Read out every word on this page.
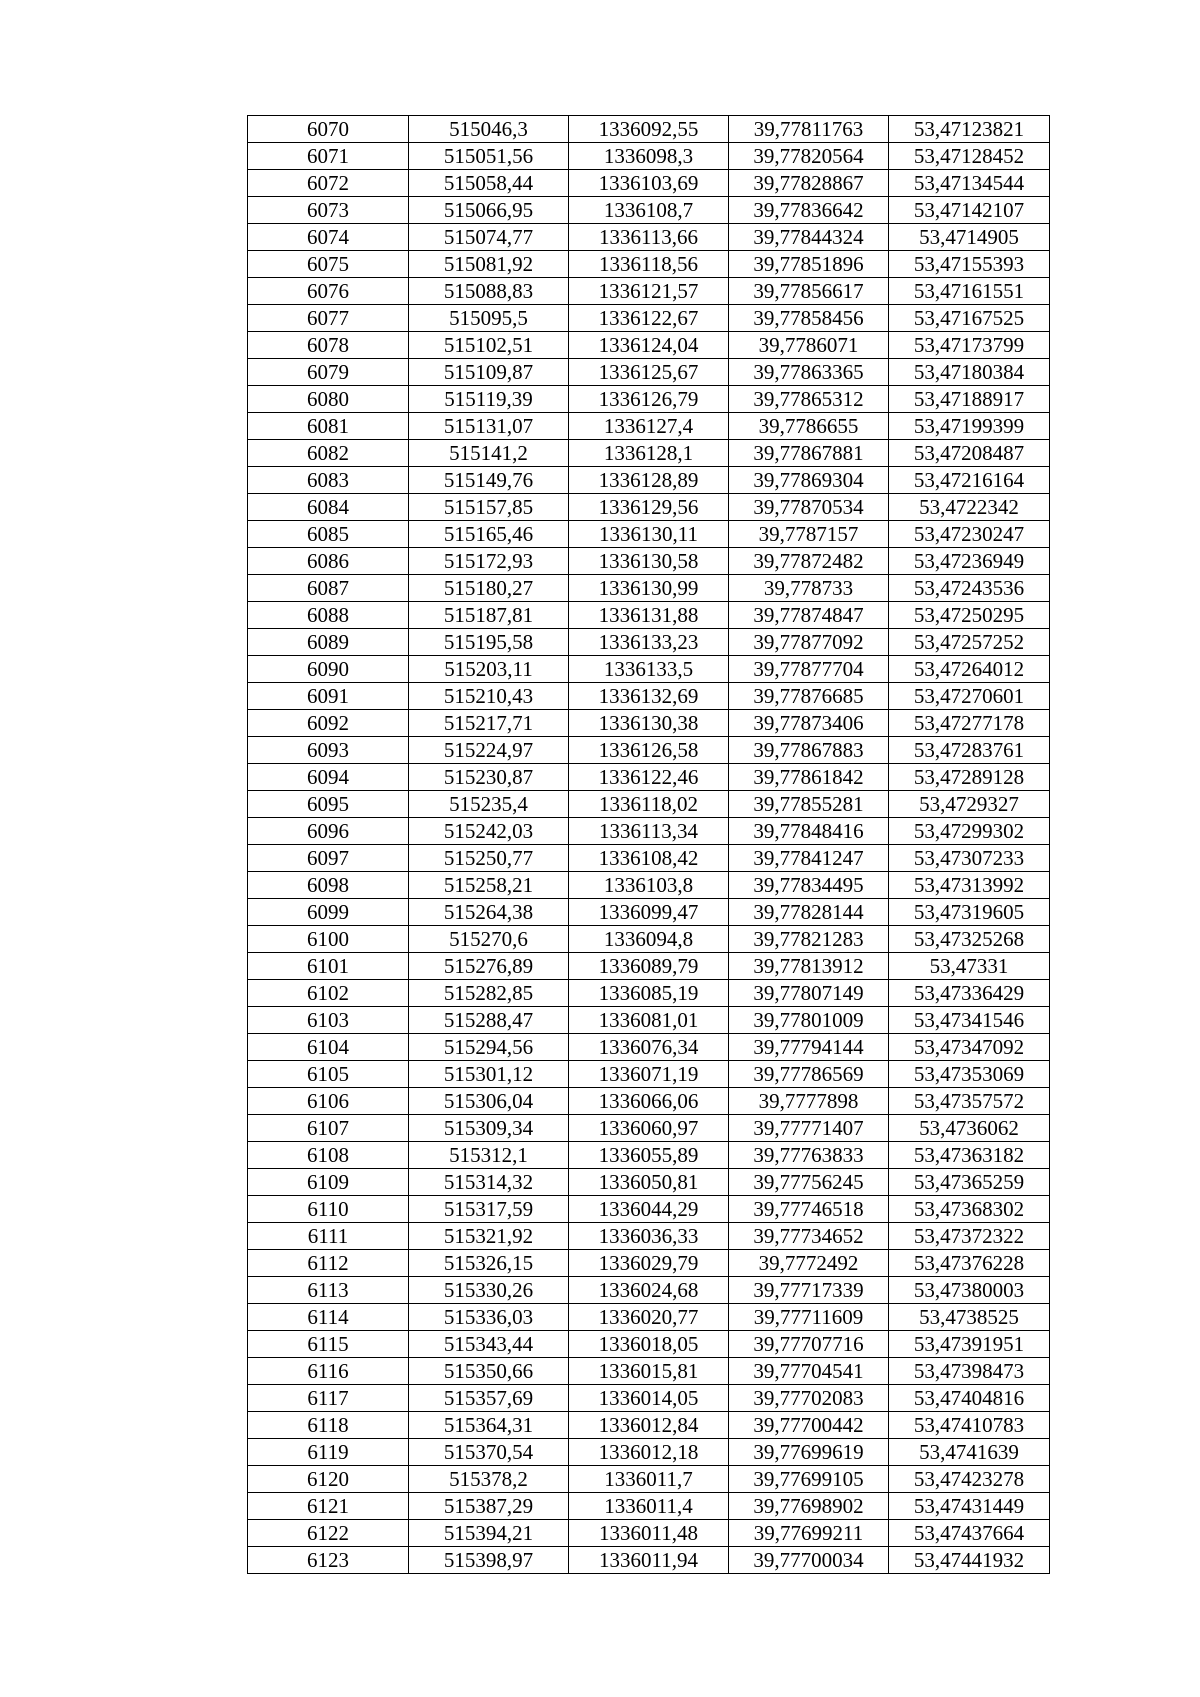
6070	515046,3	1336092,55	39,77811763	53,47123821
6071	515051,56	1336098,3	39,77820564	53,47128452
6072	515058,44	1336103,69	39,77828867	53,47134544
6073	515066,95	1336108,7	39,77836642	53,47142107
6074	515074,77	1336113,66	39,77844324	53,4714905
6075	515081,92	1336118,56	39,77851896	53,47155393
6076	515088,83	1336121,57	39,77856617	53,47161551
6077	515095,5	1336122,67	39,77858456	53,47167525
6078	515102,51	1336124,04	39,7786071	53,47173799
6079	515109,87	1336125,67	39,77863365	53,47180384
6080	515119,39	1336126,79	39,77865312	53,47188917
6081	515131,07	1336127,4	39,7786655	53,47199399
6082	515141,2	1336128,1	39,77867881	53,47208487
6083	515149,76	1336128,89	39,77869304	53,47216164
6084	515157,85	1336129,56	39,77870534	53,4722342
6085	515165,46	1336130,11	39,7787157	53,47230247
6086	515172,93	1336130,58	39,77872482	53,47236949
6087	515180,27	1336130,99	39,778733	53,47243536
6088	515187,81	1336131,88	39,77874847	53,47250295
6089	515195,58	1336133,23	39,77877092	53,47257252
6090	515203,11	1336133,5	39,77877704	53,47264012
6091	515210,43	1336132,69	39,77876685	53,47270601
6092	515217,71	1336130,38	39,77873406	53,47277178
6093	515224,97	1336126,58	39,77867883	53,47283761
6094	515230,87	1336122,46	39,77861842	53,47289128
6095	515235,4	1336118,02	39,77855281	53,4729327
6096	515242,03	1336113,34	39,77848416	53,47299302
6097	515250,77	1336108,42	39,77841247	53,47307233
6098	515258,21	1336103,8	39,77834495	53,47313992
6099	515264,38	1336099,47	39,77828144	53,47319605
6100	515270,6	1336094,8	39,77821283	53,47325268
6101	515276,89	1336089,79	39,77813912	53,47331
6102	515282,85	1336085,19	39,77807149	53,47336429
6103	515288,47	1336081,01	39,77801009	53,47341546
6104	515294,56	1336076,34	39,77794144	53,47347092
6105	515301,12	1336071,19	39,77786569	53,47353069
6106	515306,04	1336066,06	39,7777898	53,47357572
6107	515309,34	1336060,97	39,77771407	53,4736062
6108	515312,1	1336055,89	39,77763833	53,47363182
6109	515314,32	1336050,81	39,77756245	53,47365259
6110	515317,59	1336044,29	39,77746518	53,47368302
6111	515321,92	1336036,33	39,77734652	53,47372322
6112	515326,15	1336029,79	39,7772492	53,47376228
6113	515330,26	1336024,68	39,77717339	53,47380003
6114	515336,03	1336020,77	39,77711609	53,4738525
6115	515343,44	1336018,05	39,77707716	53,47391951
6116	515350,66	1336015,81	39,77704541	53,47398473
6117	515357,69	1336014,05	39,77702083	53,47404816
6118	515364,31	1336012,84	39,77700442	53,47410783
6119	515370,54	1336012,18	39,77699619	53,4741639
6120	515378,2	1336011,7	39,77699105	53,47423278
6121	515387,29	1336011,4	39,77698902	53,47431449
6122	515394,21	1336011,48	39,77699211	53,47437664
6123	515398,97	1336011,94	39,77700034	53,47441932
